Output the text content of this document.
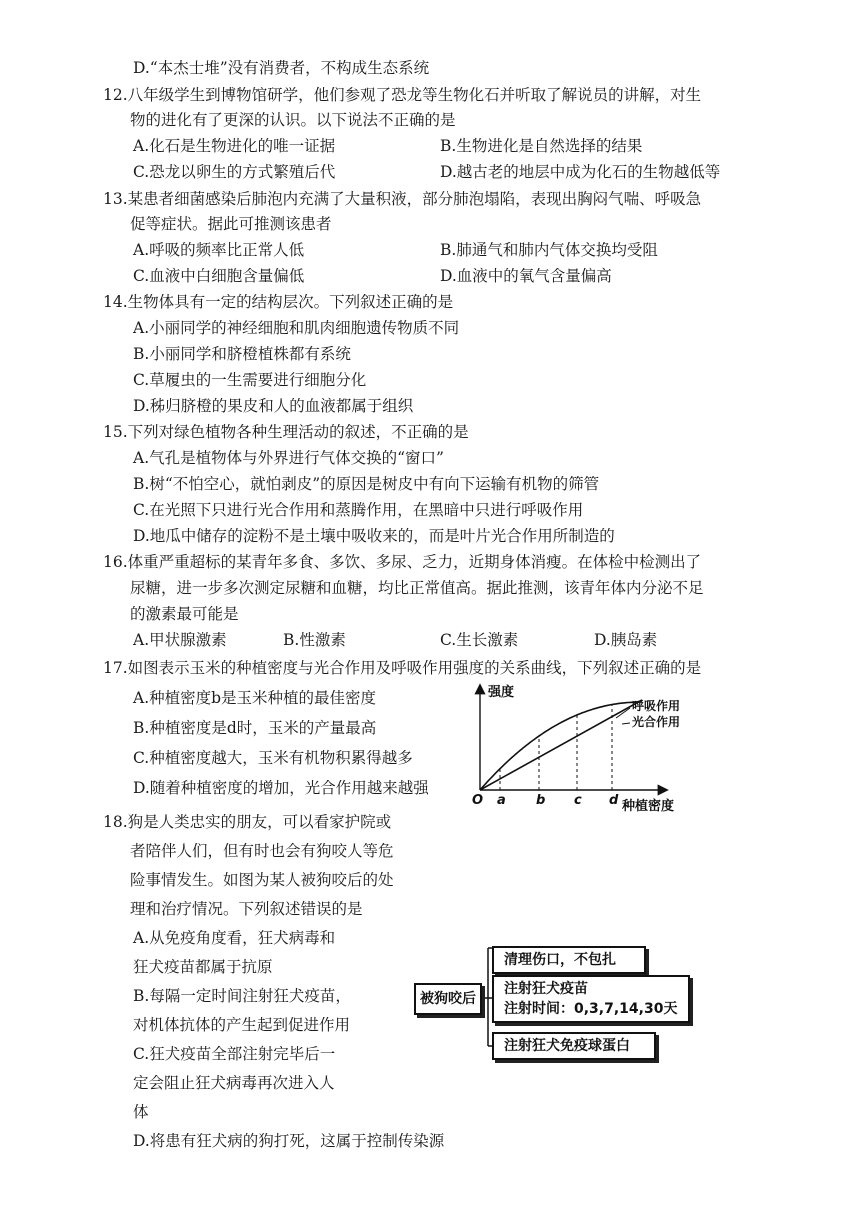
D.“本杰士堆”没有消费者，不构成生态系统
12.八年级学生到博物馆研学，他们参观了恐龙等生物化石并听取了解说员的讲解，对生
物的进化有了更深的认识。以下说法不正确的是
A.化石是生物进化的唯一证据	B.生物进化是自然选择的结果
C.恐龙以卵生的方式繁殖后代	D.越古老的地层中成为化石的生物越低等
13.某患者细菌感染后肺泡内充满了大量积液，部分肺泡塌陷，表现出胸闷气喘、呼吸急
促等症状。据此可推测该患者
A.呼吸的频率比正常人低	B.肺通气和肺内气体交换均受阻
C.血液中白细胞含量偏低	D.血液中的氧气含量偏高
14.生物体具有一定的结构层次。下列叙述正确的是
A.小丽同学的神经细胞和肌肉细胞遗传物质不同
B.小丽同学和脐橙植株都有系统
C.草履虫的一生需要进行细胞分化
D.秭归脐橙的果皮和人的血液都属于组织
15.下列对绿色植物各种生理活动的叙述，不正确的是
A.气孔是植物体与外界进行气体交换的“窗口”
B.树“不怕空心，就怕剥皮”的原因是树皮中有向下运输有机物的筛管
C.在光照下只进行光合作用和蒸腾作用，在黑暗中只进行呼吸作用
D.地瓜中储存的淀粉不是土壤中吸收来的，而是叶片光合作用所制造的
16.体重严重超标的某青年多食、多饮、多尿、乏力，近期身体消瘦。在体检中检测出了
尿糖，进一步多次测定尿糖和血糖，均比正常值高。据此推测，该青年体内分泌不足
的激素最可能是
A.甲状腺激素	B.性激素	C.生长激素	D.胰岛素
17.如图表示玉米的种植密度与光合作用及呼吸作用强度的关系曲线，下列叙述正确的是
A.种植密度b是玉米种植的最佳密度
B.种植密度是d时，玉米的产量最高
C.种植密度越大，玉米有机物积累得越多
D.随着种植密度的增加，光合作用越来越强
强度
种植密度
O a b c d
呼吸作用
光合作用
18.狗是人类忠实的朋友，可以看家护院或
者陪伴人们，但有时也会有狗咬人等危
险事情发生。如图为某人被狗咬后的处
理和治疗情况。下列叙述错误的是
A.从免疫角度看，狂犬病毒和
狂犬疫苗都属于抗原
B.每隔一定时间注射狂犬疫苗，
对机体抗体的产生起到促进作用
C.狂犬疫苗全部注射完毕后一
定会阻止狂犬病毒再次进入人
体
D.将患有狂犬病的狗打死，这属于控制传染源
被狗咬后
清理伤口，不包扎
注射狂犬疫苗
注射时间：0,3,7,14,30天
注射狂犬免疫球蛋白
